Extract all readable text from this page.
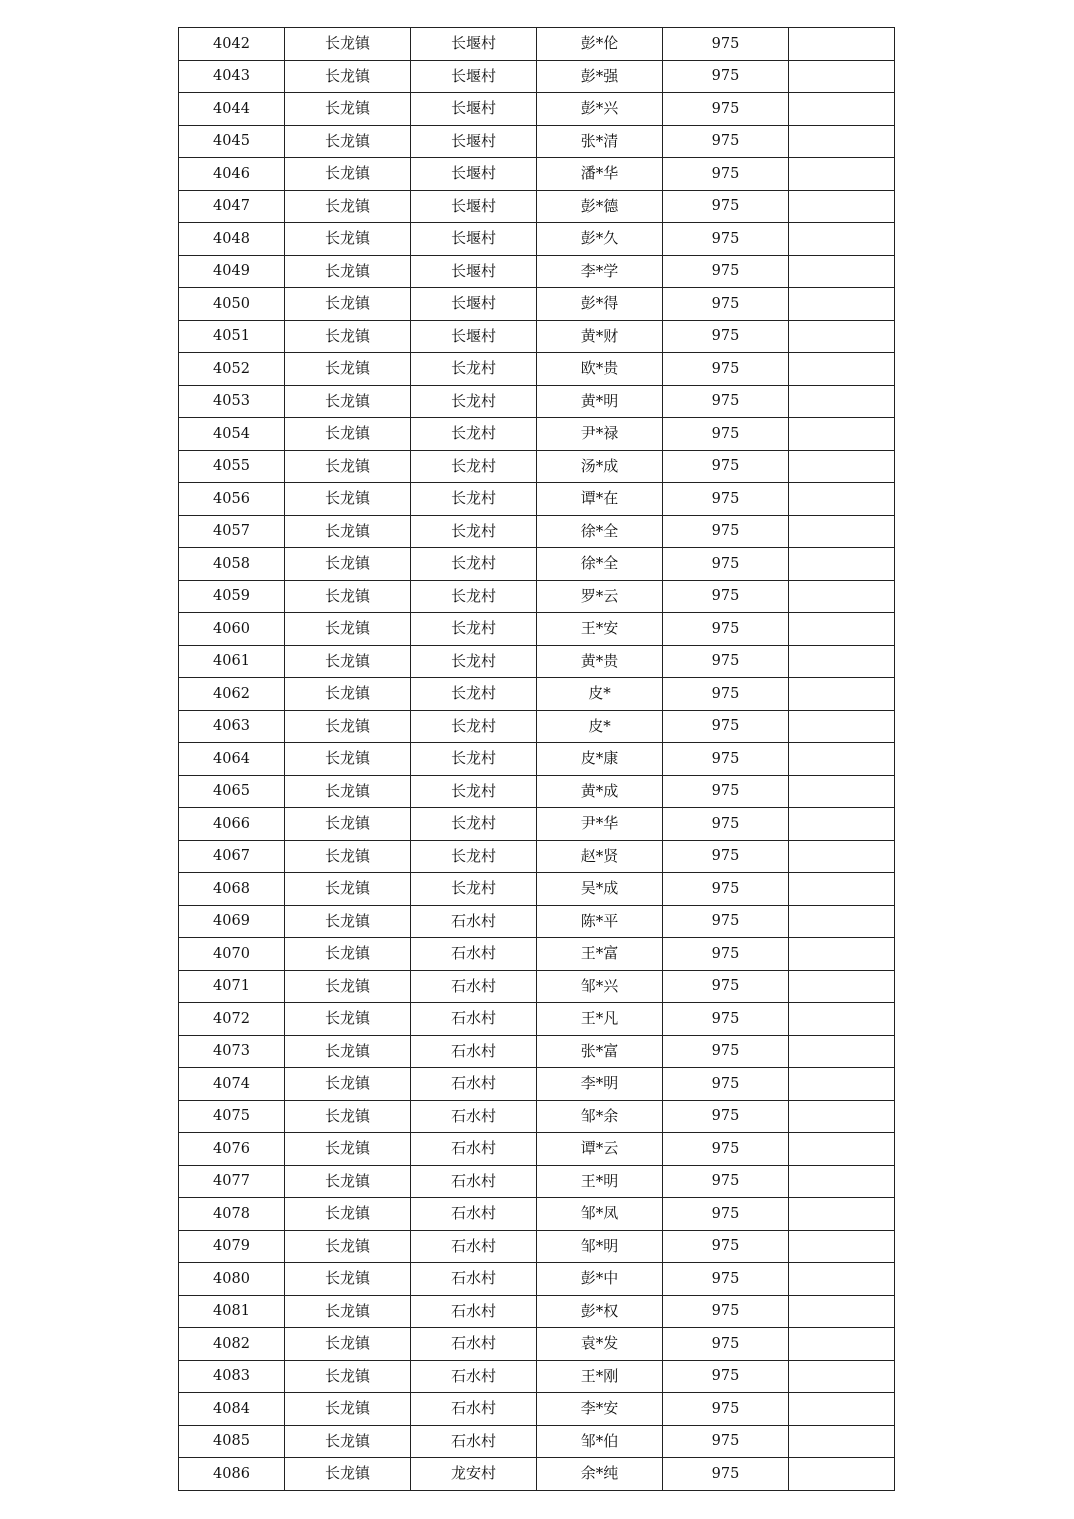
4042	长龙镇	长堰村	彭*伦	975	
4043	长龙镇	长堰村	彭*强	975	
4044	长龙镇	长堰村	彭*兴	975	
4045	长龙镇	长堰村	张*清	975	
4046	长龙镇	长堰村	潘*华	975	
4047	长龙镇	长堰村	彭*德	975	
4048	长龙镇	长堰村	彭*久	975	
4049	长龙镇	长堰村	李*学	975	
4050	长龙镇	长堰村	彭*得	975	
4051	长龙镇	长堰村	黄*财	975	
4052	长龙镇	长龙村	欧*贵	975	
4053	长龙镇	长龙村	黄*明	975	
4054	长龙镇	长龙村	尹*禄	975	
4055	长龙镇	长龙村	汤*成	975	
4056	长龙镇	长龙村	谭*在	975	
4057	长龙镇	长龙村	徐*全	975	
4058	长龙镇	长龙村	徐*全	975	
4059	长龙镇	长龙村	罗*云	975	
4060	长龙镇	长龙村	王*安	975	
4061	长龙镇	长龙村	黄*贵	975	
4062	长龙镇	长龙村	皮*	975	
4063	长龙镇	长龙村	皮*	975	
4064	长龙镇	长龙村	皮*康	975	
4065	长龙镇	长龙村	黄*成	975	
4066	长龙镇	长龙村	尹*华	975	
4067	长龙镇	长龙村	赵*贤	975	
4068	长龙镇	长龙村	吴*成	975	
4069	长龙镇	石水村	陈*平	975	
4070	长龙镇	石水村	王*富	975	
4071	长龙镇	石水村	邹*兴	975	
4072	长龙镇	石水村	王*凡	975	
4073	长龙镇	石水村	张*富	975	
4074	长龙镇	石水村	李*明	975	
4075	长龙镇	石水村	邹*余	975	
4076	长龙镇	石水村	谭*云	975	
4077	长龙镇	石水村	王*明	975	
4078	长龙镇	石水村	邹*凤	975	
4079	长龙镇	石水村	邹*明	975	
4080	长龙镇	石水村	彭*中	975	
4081	长龙镇	石水村	彭*权	975	
4082	长龙镇	石水村	袁*发	975	
4083	长龙镇	石水村	王*刚	975	
4084	长龙镇	石水村	李*安	975	
4085	长龙镇	石水村	邹*伯	975	
4086	长龙镇	龙安村	余*纯	975	
